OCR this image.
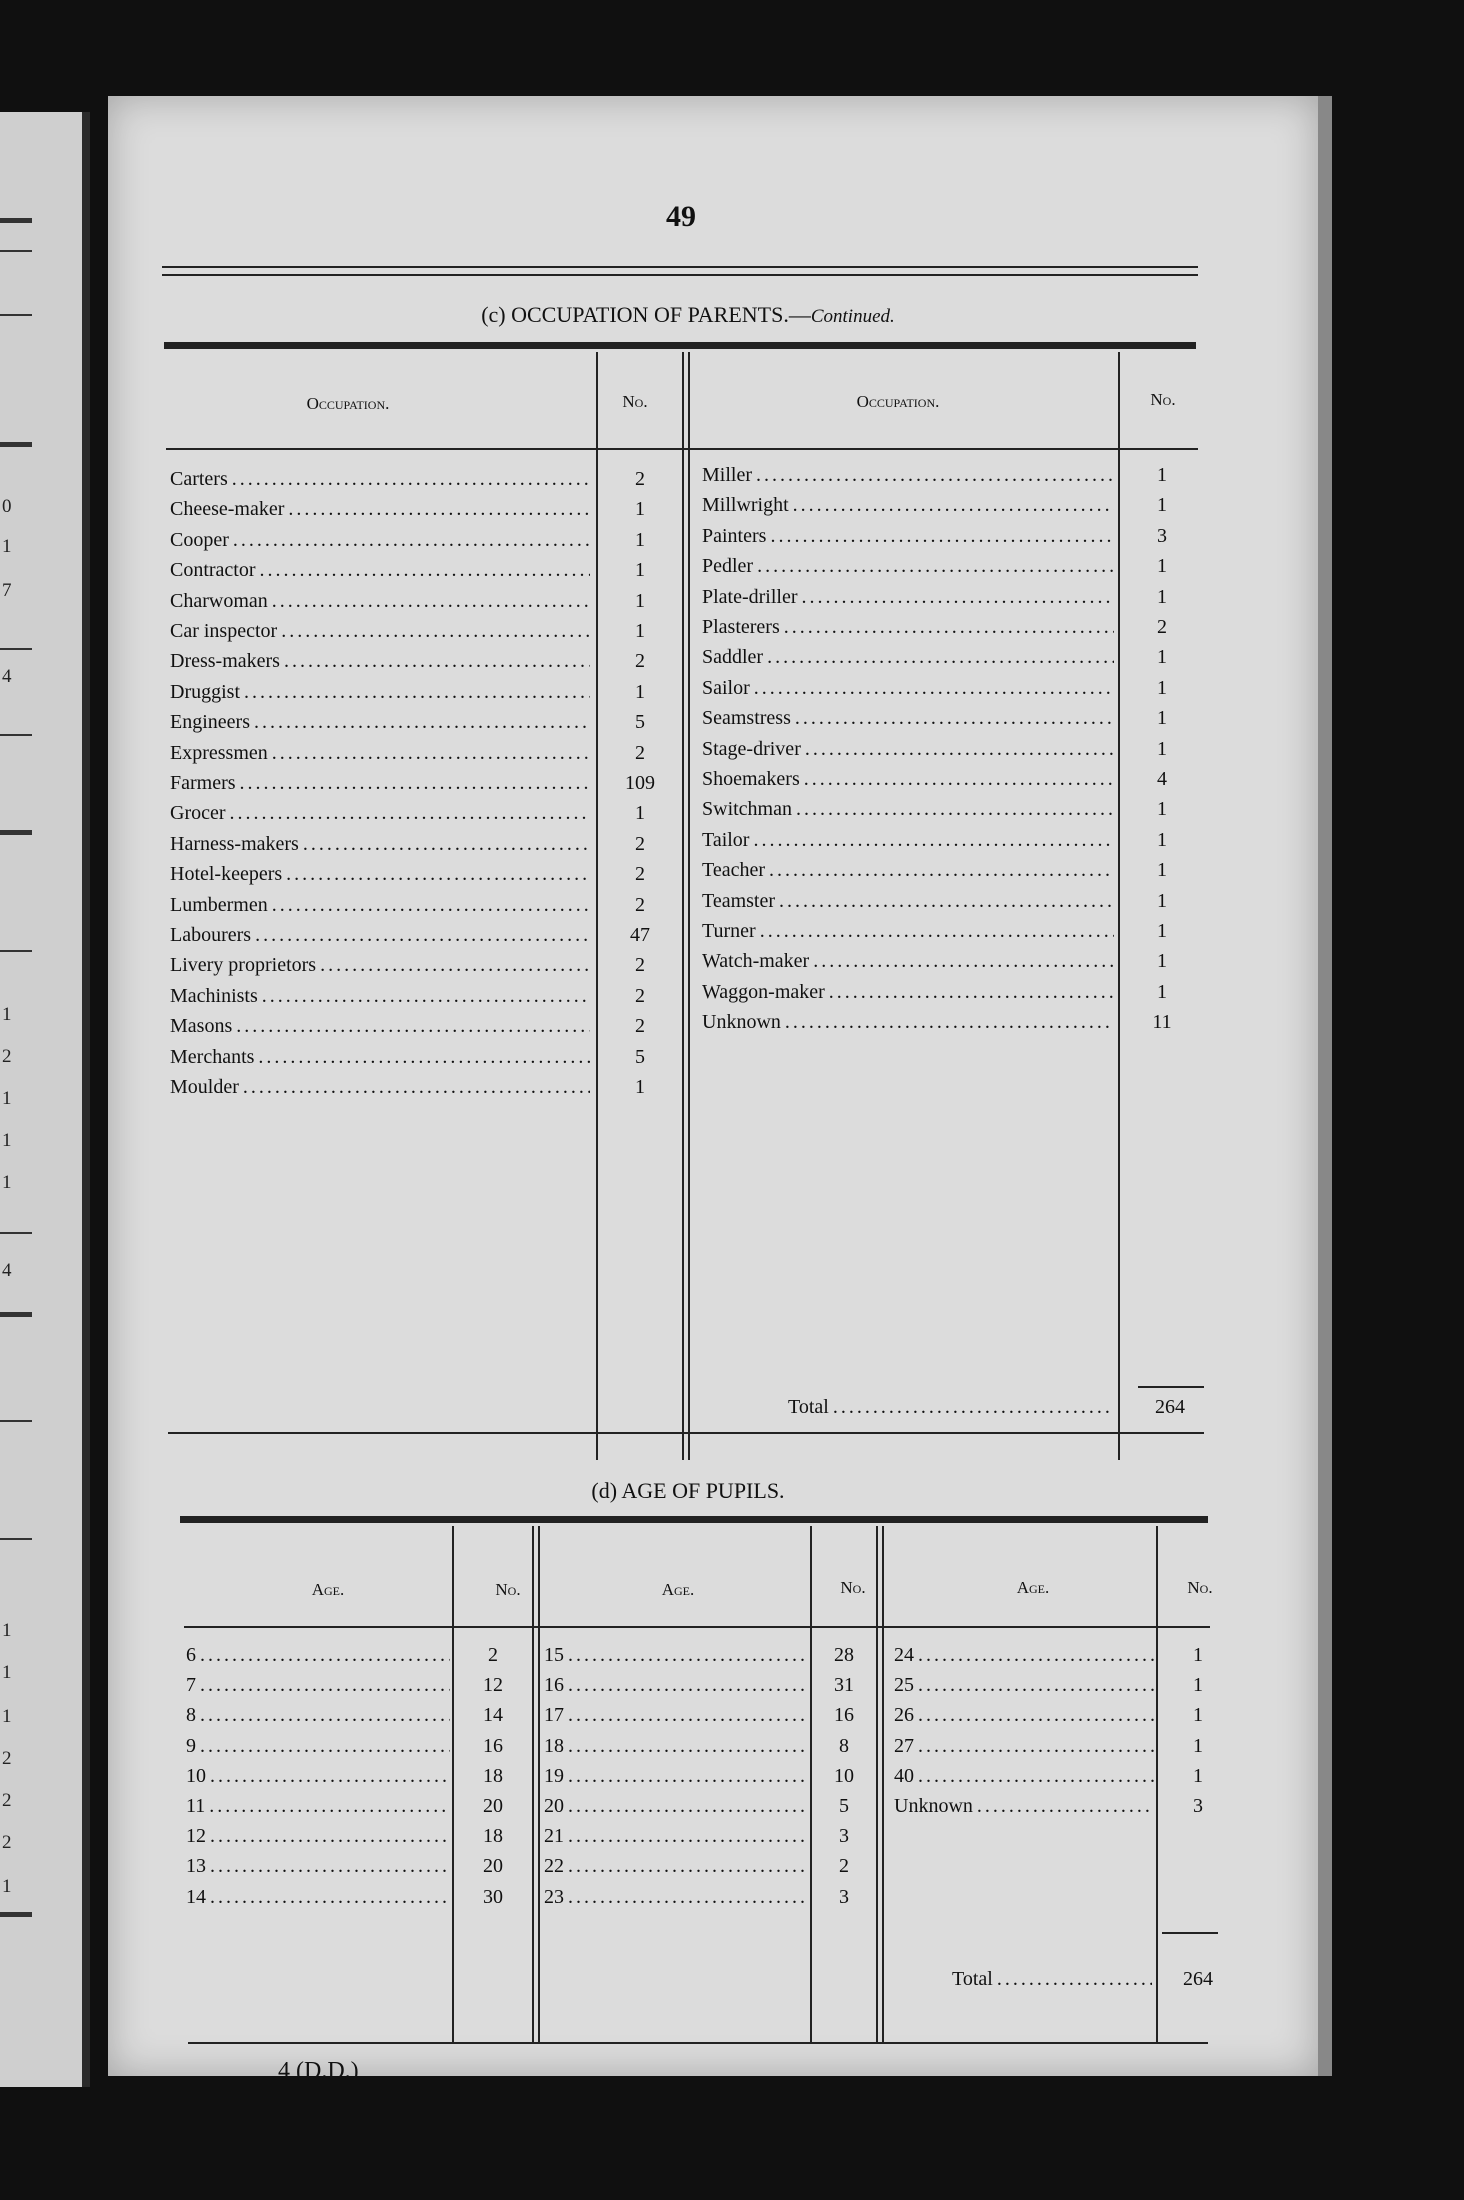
0
1
7
4
1
2
1
1
1
4
1
1
1
2
2
2
1
49
(c) OCCUPATION OF PARENTS.—Continued.
Occupation.	No.	Occupation.	No.
Total . . .	264
(d) AGE OF PUPILS.
Age.	No.	Age.	No.	Age.	No.
Total . . .	264
4 (D.D.)
Carters . . .	2
Cheese-maker . . .	1
Cooper . . .	1
Contractor . . .	1
Charwoman . . .	1
Car inspector . . .	1
Dress-makers . . .	2
Druggist . . .	1
Engineers . . .	5
Expressmen . . .	2
Farmers . . .	109
Grocer . . .	1
Harness-makers . . .	2
Hotel-keepers . . .	2
Lumbermen . . .	2
Labourers . . .	47
Livery proprietors . . .	2
Machinists . . .	2
Masons . . .	2
Merchants . . .	5
Moulder . . .	1
Miller . . .	1
Millwright . . .	1
Painters . . .	3
Pedler . . .	1
Plate-driller . . .	1
Plasterers . . .	2
Saddler . . .	1
Sailor . . .	1
Seamstress . . .	1
Stage-driver . . .	1
Shoemakers . . .	4
Switchman . . .	1
Tailor . . .	1
Teacher . . .	1
Teamster . . .	1
Turner . . .	1
Watch-maker . . .	1
Waggon-maker . . .	1
Unknown . . .	11
6 . . .	2
7 . . .	12
8 . . .	14
9 . . .	16
10 . . .	18
11 . . .	20
12 . . .	18
13 . . .	20
14 . . .	30
15 . . .	28
16 . . .	31
17 . . .	16
18 . . .	8
19 . . .	10
20 . . .	5
21 . . .	3
22 . . .	2
23 . . .	3
24 . . .	1
25 . . .	1
26 . . .	1
27 . . .	1
40 . . .	1
Unknown . . .	3
